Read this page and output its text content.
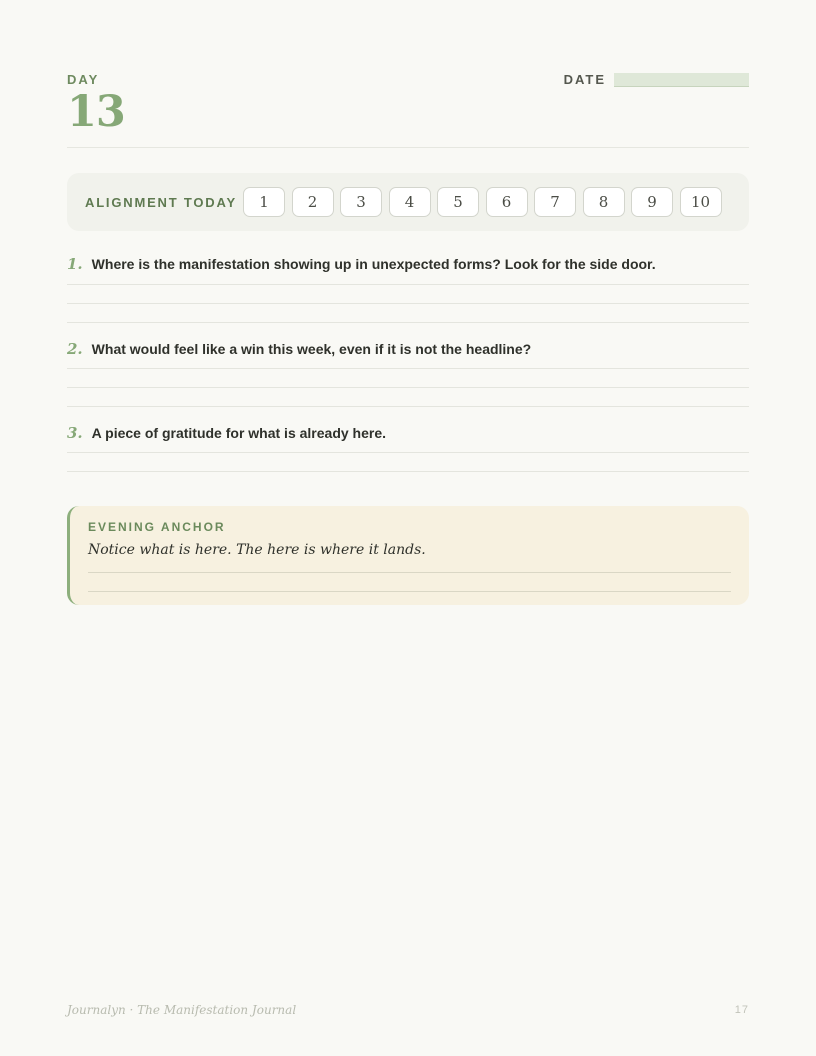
DAY
13
DATE
ALIGNMENT TODAY	1	2	3	4	5	6	7	8	9	10
1. Where is the manifestation showing up in unexpected forms? Look for the side door.
2. What would feel like a win this week, even if it is not the headline?
3. A piece of gratitude for what is already here.
EVENING ANCHOR
Notice what is here. The here is where it lands.
Journalyn · The Manifestation Journal	17
